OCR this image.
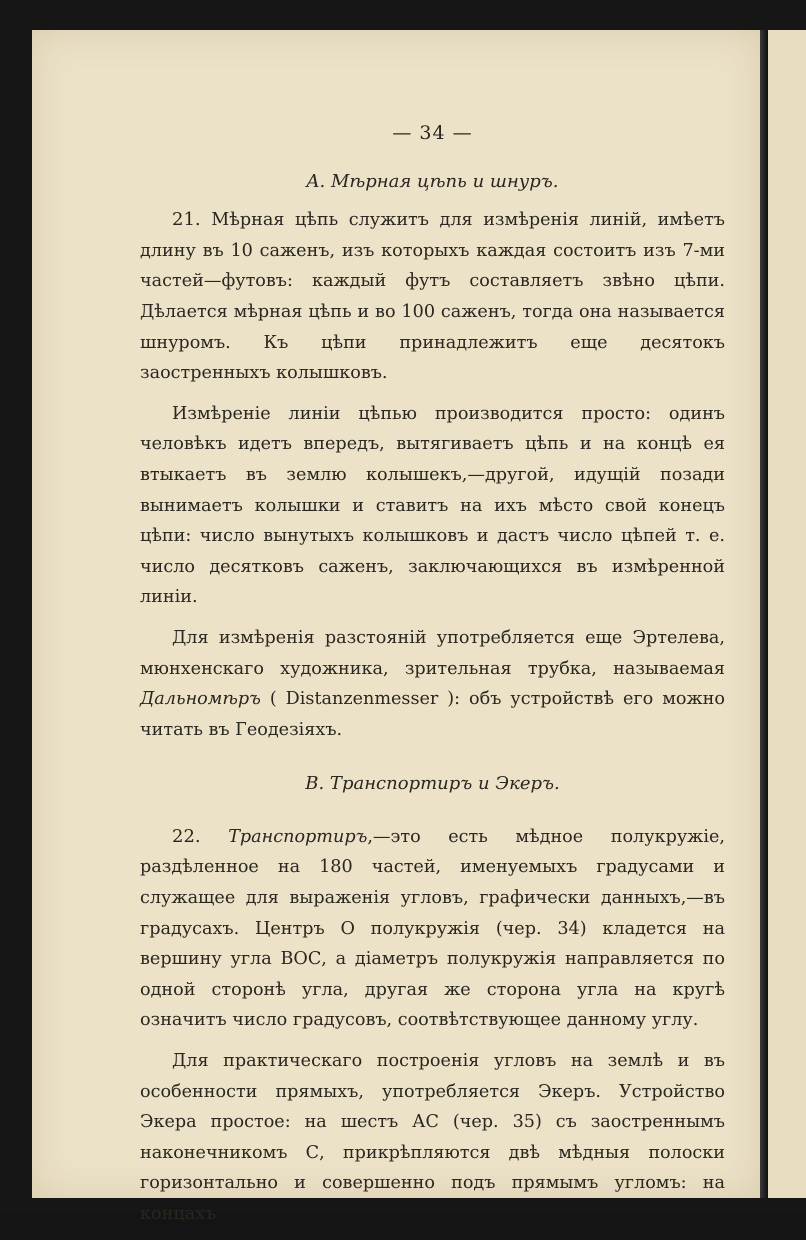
— 34 —
A. Мѣрная цѣпь и шнуръ.

21. Мѣрная цѣпь служитъ для измѣренія линій, имѣетъ длину въ 10 саженъ, изъ которыхъ каждая состоитъ изъ 7-ми частей—футовъ: каждый футъ составляетъ звѣно цѣпи. Дѣлается мѣрная цѣпь и во 100 саженъ, тогда она называется шнуромъ. Къ цѣпи принадлежитъ еще десятокъ заостренныхъ колышковъ.

Измѣреніе линіи цѣпью производится просто: одинъ человѣкъ идетъ впередъ, вытягиваетъ цѣпь и на концѣ ея втыкаетъ въ землю колышекъ,—другой, идущій позади вынимаетъ колышки и ставитъ на ихъ мѣсто свой конецъ цѣпи: число вынутыхъ колышковъ и дастъ число цѣпей т. е. число десятковъ саженъ, заключающихся въ измѣренной линіи.

Для измѣренія разстояній употребляется еще Эртелева, мюнхенскаго художника, зрительная трубка, называемая Дальномѣръ ( Distanzenmesser ): объ устройствѣ его можно читать въ Геодезіяхъ.

B. Транспортиръ и Экеръ.

22. Транспортиръ,—это есть мѣдное полукружіе, раздѣленное на 180 частей, именуемыхъ градусами и служащее для выраженія угловъ, графически данныхъ,—въ градусахъ. Центръ О полукружія (чер. 34) кладется на вершину угла ВОС, а діаметръ полукружія направляется по одной сторонѣ угла, другая же сторона угла на кругѣ означитъ число градусовъ, соотвѣтствующее данному углу.

Для практическаго построенія угловъ на землѣ и въ особенности прямыхъ, употребляется Экеръ. Устройство Экера простое: на шестъ АС (чер. 35) съ заостреннымъ наконечникомъ С, прикрѣпляются двѣ мѣдныя полоски горизонтально и совершенно подъ прямымъ угломъ: на концахъ
